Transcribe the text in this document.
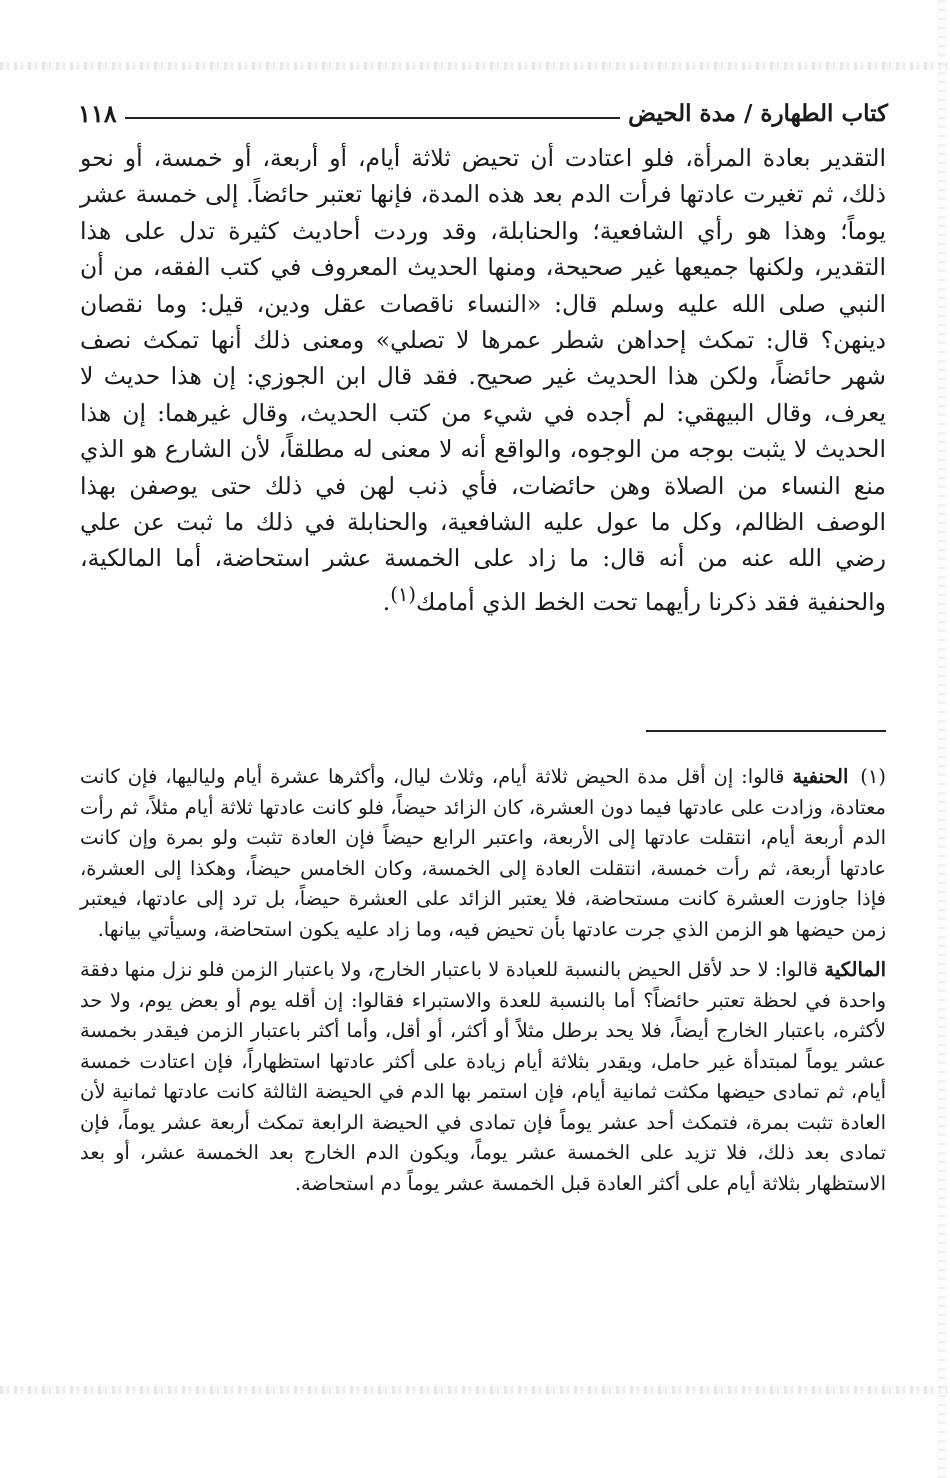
كتاب الطهارة / مدة الحيض
١١٨

التقدير بعادة المرأة، فلو اعتادت أن تحيض ثلاثة أيام، أو أربعة، أو خمسة، أو نحو ذلك، ثم تغيرت عادتها فرأت الدم بعد هذه المدة، فإنها تعتبر حائضاً. إلى خمسة عشر يوماً؛ وهذا هو رأي الشافعية؛ والحنابلة، وقد وردت أحاديث كثيرة تدل على هذا التقدير، ولكنها جميعها غير صحيحة، ومنها الحديث المعروف في كتب الفقه، من أن النبي صلى الله عليه وسلم قال: «النساء ناقصات عقل ودين، قيل: وما نقصان دينهن؟ قال: تمكث إحداهن شطر عمرها لا تصلي» ومعنى ذلك أنها تمكث نصف شهر حائضاً، ولكن هذا الحديث غير صحيح. فقد قال ابن الجوزي: إن هذا حديث لا يعرف، وقال البيهقي: لم أجده في شيء من كتب الحديث، وقال غيرهما: إن هذا الحديث لا يثبت بوجه من الوجوه، والواقع أنه لا معنى له مطلقاً، لأن الشارع هو الذي منع النساء من الصلاة وهن حائضات، فأي ذنب لهن في ذلك حتى يوصفن بهذا الوصف الظالم، وكل ما عول عليه الشافعية، والحنابلة في ذلك ما ثبت عن علي رضي الله عنه من أنه قال: ما زاد على الخمسة عشر استحاضة، أما المالكية، والحنفية فقد ذكرنا رأيهما تحت الخط الذي أمامك$^{(١)}$.

(١) الحنفية قالوا: إن أقل مدة الحيض ثلاثة أيام، وثلاث ليال، وأكثرها عشرة أيام ولياليها، فإن كانت معتادة، وزادت على عادتها فيما دون العشرة، كان الزائد حيضاً، فلو كانت عادتها ثلاثة أيام مثلاً، ثم رأت الدم أربعة أيام، انتقلت عادتها إلى الأربعة، واعتبر الرابع حيضاً فإن العادة تثبت ولو بمرة وإن كانت عادتها أربعة، ثم رأت خمسة، انتقلت العادة إلى الخمسة، وكان الخامس حيضاً، وهكذا إلى العشرة، فإذا جاوزت العشرة كانت مستحاضة، فلا يعتبر الزائد على العشرة حيضاً، بل ترد إلى عادتها، فيعتبر زمن حيضها هو الزمن الذي جرت عادتها بأن تحيض فيه، وما زاد عليه يكون استحاضة، وسيأتي بيانها.

المالكية قالوا: لا حد لأقل الحيض بالنسبة للعبادة لا باعتبار الخارج، ولا باعتبار الزمن فلو نزل منها دفقة واحدة في لحظة تعتبر حائضاً؟ أما بالنسبة للعدة والاستبراء فقالوا: إن أقله يوم أو بعض يوم، ولا حد لأكثره، باعتبار الخارج أيضاً، فلا يحد برطل مثلاً أو أكثر، أو أقل، وأما أكثر باعتبار الزمن فيقدر بخمسة عشر يوماً لمبتدأة غير حامل، ويقدر بثلاثة أيام زيادة على أكثر عادتها استظهاراً، فإن اعتادت خمسة أيام، ثم تمادى حيضها مكثت ثمانية أيام، فإن استمر بها الدم في الحيضة الثالثة كانت عادتها ثمانية لأن العادة تثبت بمرة، فتمكث أحد عشر يوماً فإن تمادى في الحيضة الرابعة تمكث أربعة عشر يوماً، فإن تمادى بعد ذلك، فلا تزيد على الخمسة عشر يوماً، ويكون الدم الخارج بعد الخمسة عشر، أو بعد الاستظهار بثلاثة أيام على أكثر العادة قبل الخمسة عشر يوماً دم استحاضة.
